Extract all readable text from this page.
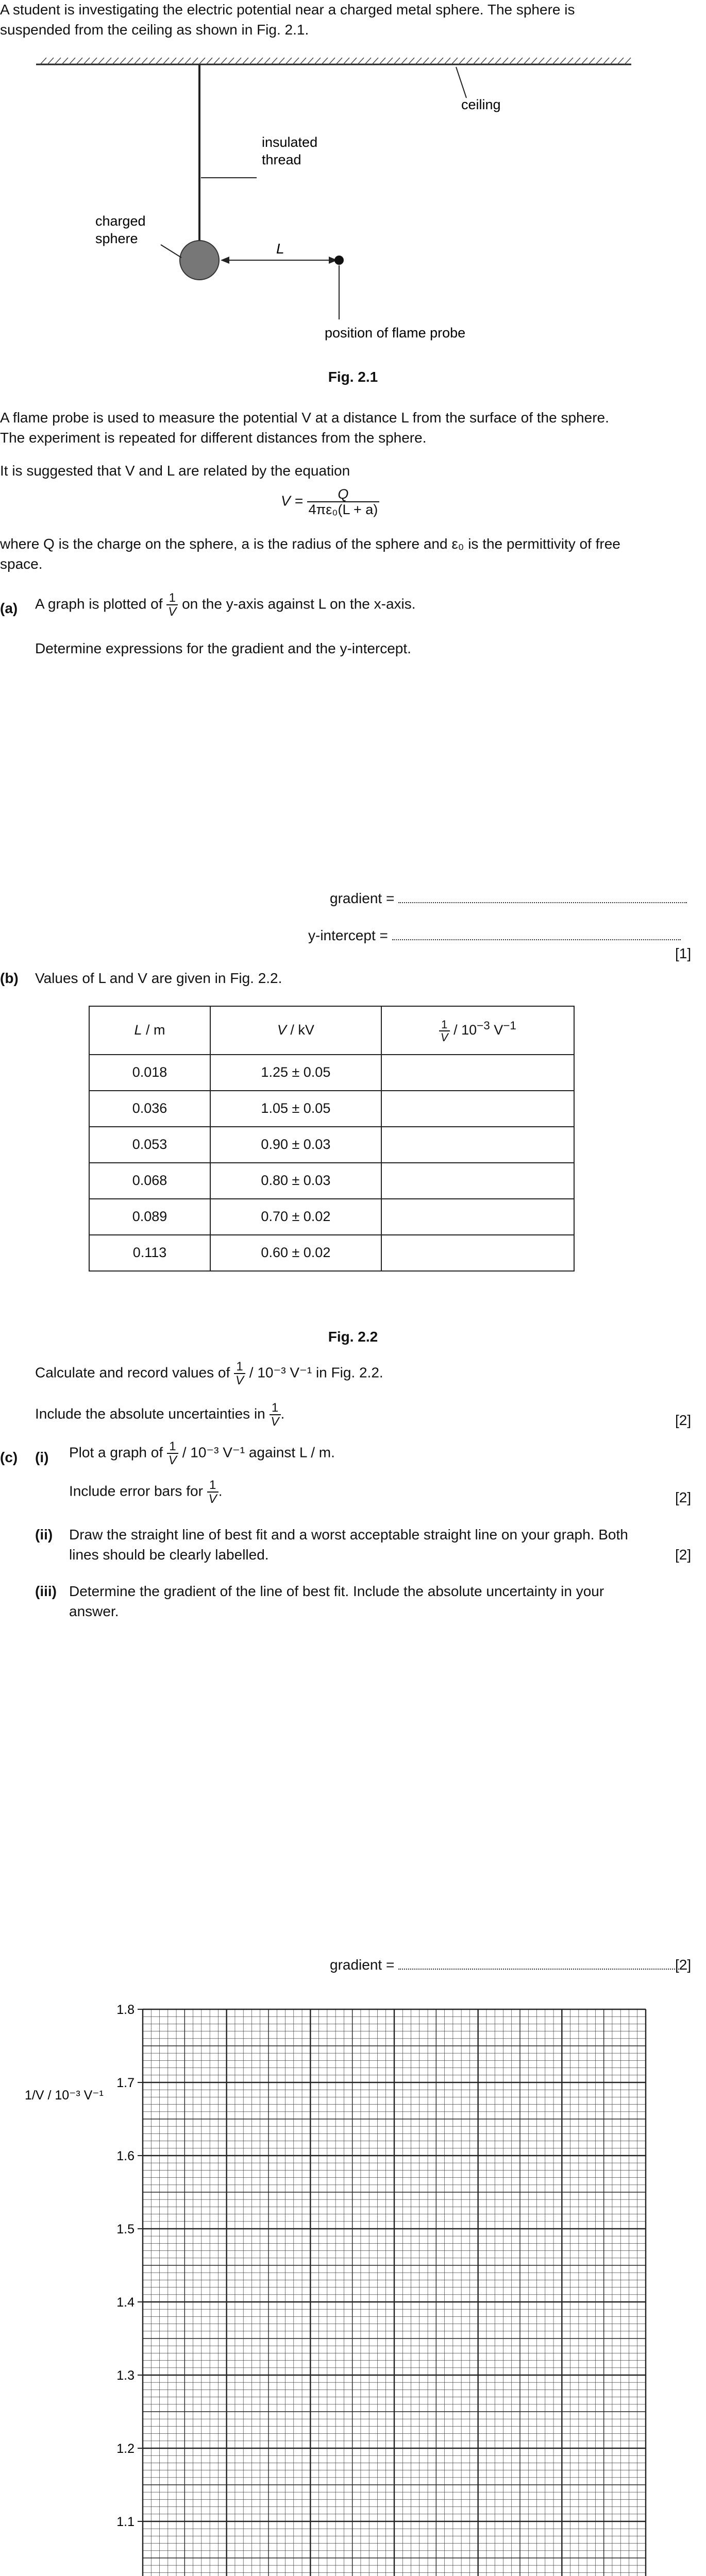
A student is investigating the electric potential near a charged metal sphere. The sphere is
suspended from the ceiling as shown in Fig. 2.1.
ceiling
insulated thread
charged sphere
L
position of flame probe
Fig. 2.1
A flame probe is used to measure the potential V at a distance L from the surface of the sphere.
The experiment is repeated for different distances from the sphere.
It is suggested that V and L are related by the equation
$V = \frac{Q}{\text{4πε₀(L + a)}}$
where Q is the charge on the sphere, a is the radius of the sphere and ε₀ is the permittivity of free
space.
(a) A graph is plotted of $\frac{1}{V}$ on the y-axis against L on the x-axis.
Determine expressions for the gradient and the y-intercept.
gradient =
y-intercept =
[1]
(b) Values of L and V are given in Fig. 2.2.
L / m	V / kV	$\frac{1}{V} / 10^{-3}$ $V^{-1}$
0.018	1.25 ± 0.05	
0.036	1.05 ± 0.05	
0.053	0.90 ± 0.03	
0.068	0.80 ± 0.03	
0.089	0.70 ± 0.02	
0.113	0.60 ± 0.02	
Fig. 2.2
Calculate and record values of $\frac{1}{V} / 10^{-3}$ V⁻¹ in Fig. 2.2.
Include the absolute uncertainties in $\frac{1}{V}$ .	[2]
(c) (i) Plot a graph of $\frac{1}{V} / 10^{-3}$ V⁻¹ against L / m.
Include error bars for $\frac{1}{V}$ .	[2]
(ii) Draw the straight line of best fit and a worst acceptable straight line on your graph. Both
lines should be clearly labelled.	[2]
(iii) Determine the gradient of the line of best fit. Include the absolute uncertainty in your
answer.
gradient =	[2]
1.1
1.2
1.3
1.4
1.5
1.6
1.7
1.8
1/V / 10⁻³ V⁻¹
